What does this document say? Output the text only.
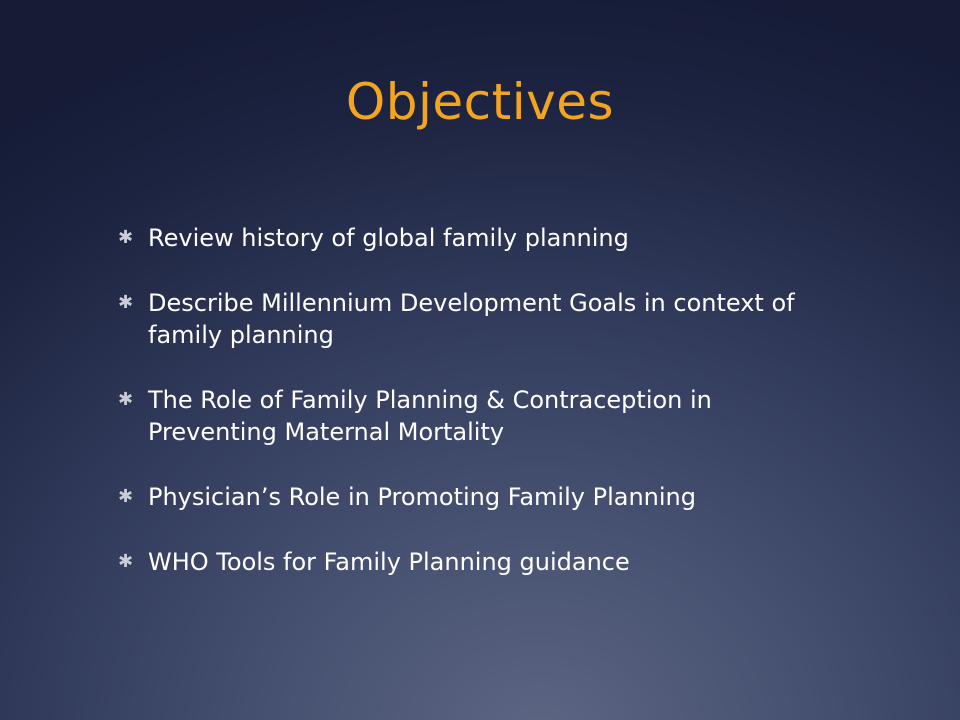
Objectives
✱ Review history of global family planning
✱ Describe Millennium Development Goals in context of family planning
✱ The Role of Family Planning & Contraception in Preventing Maternal Mortality
✱ Physician’s Role in Promoting Family Planning
✱ WHO Tools for Family Planning guidance
